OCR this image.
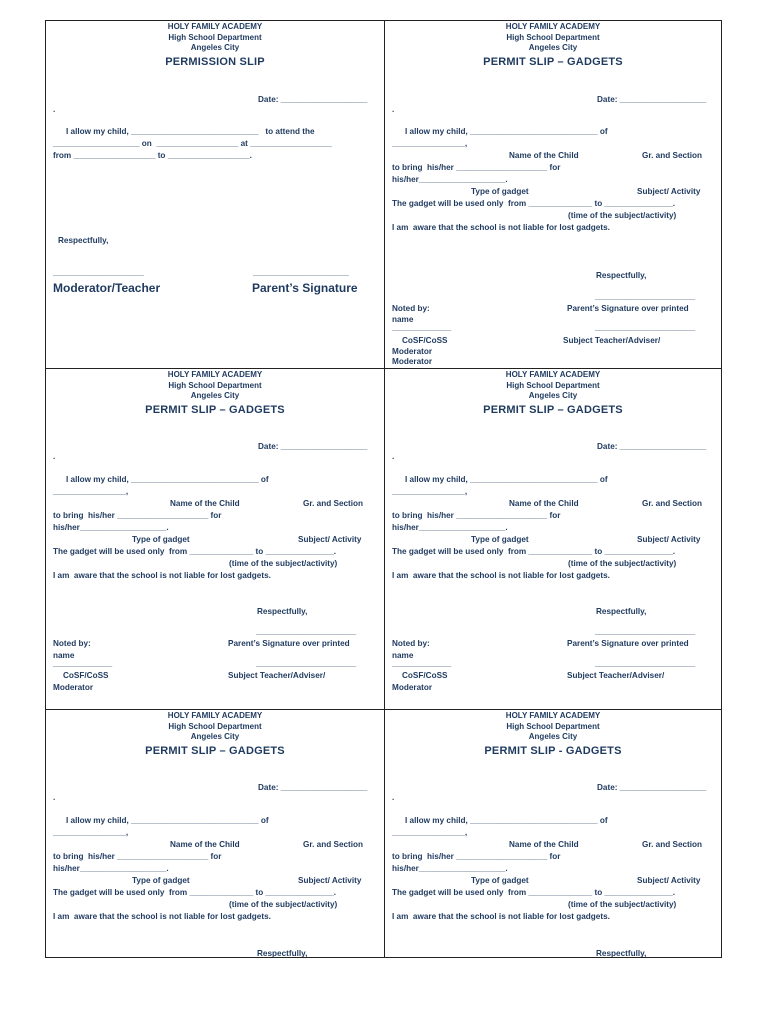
HOLY FAMILY ACADEMY
High School Department
Angeles City
PERMISSION SLIP
Date: ___________________
.
I allow my child, ____________________________   to attend the
___________________ on  __________________ at __________________
from __________________ to __________________.
Respectfully,
____________________	_____________________
Moderator/Teacher	Parent’s Signature
HOLY FAMILY ACADEMY
High School Department
Angeles City
PERMIT SLIP – GADGETS
Date: ___________________
.
I allow my child, ____________________________ of
________________,
Name of the Child	Gr. and Section
to bring  his/her ____________________ for
his/her___________________.
Type of gadget	Subject/ Activity
The gadget will be used only  from ______________ to _______________.
(time of the subject/activity)
I am  aware that the school is not liable for lost gadgets.
Respectfully,
______________________
Noted by:	Parent’s Signature over printed
name
_____________	______________________
CoSF/CoSS	Subject Teacher/Adviser/
Moderator
Moderator
HOLY FAMILY ACADEMY
High School Department
Angeles City
PERMIT SLIP – GADGETS
Date: ___________________
.
I allow my child, ____________________________ of
________________,
Name of the Child	Gr. and Section
to bring  his/her ____________________ for
his/her___________________.
Type of gadget	Subject/ Activity
The gadget will be used only  from ______________ to _______________.
(time of the subject/activity)
I am  aware that the school is not liable for lost gadgets.
Respectfully,
______________________
Noted by:	Parent’s Signature over printed
name
_____________	______________________
CoSF/CoSS	Subject Teacher/Adviser/
Moderator
HOLY FAMILY ACADEMY
High School Department
Angeles City
PERMIT SLIP – GADGETS
Date: ___________________
.
I allow my child, ____________________________ of
________________,
Name of the Child	Gr. and Section
to bring  his/her ____________________ for
his/her___________________.
Type of gadget	Subject/ Activity
The gadget will be used only  from ______________ to _______________.
(time of the subject/activity)
I am  aware that the school is not liable for lost gadgets.
Respectfully,
______________________
Noted by:	Parent’s Signature over printed
name
_____________	______________________
CoSF/CoSS	Subject Teacher/Adviser/
Moderator
HOLY FAMILY ACADEMY
High School Department
Angeles City
PERMIT SLIP – GADGETS
Date: ___________________
.
I allow my child, ____________________________ of
________________,
Name of the Child	Gr. and Section
to bring  his/her ____________________ for
his/her___________________.
Type of gadget	Subject/ Activity
The gadget will be used only  from ______________ to _______________.
(time of the subject/activity)
I am  aware that the school is not liable for lost gadgets.
Respectfully,
HOLY FAMILY ACADEMY
High School Department
Angeles City
PERMIT SLIP - GADGETS
Date: ___________________
.
I allow my child, ____________________________ of
________________,
Name of the Child	Gr. and Section
to bring  his/her ____________________ for
his/her___________________.
Type of gadget	Subject/ Activity
The gadget will be used only  from ______________ to _______________.
(time of the subject/activity)
I am  aware that the school is not liable for lost gadgets.
Respectfully,
